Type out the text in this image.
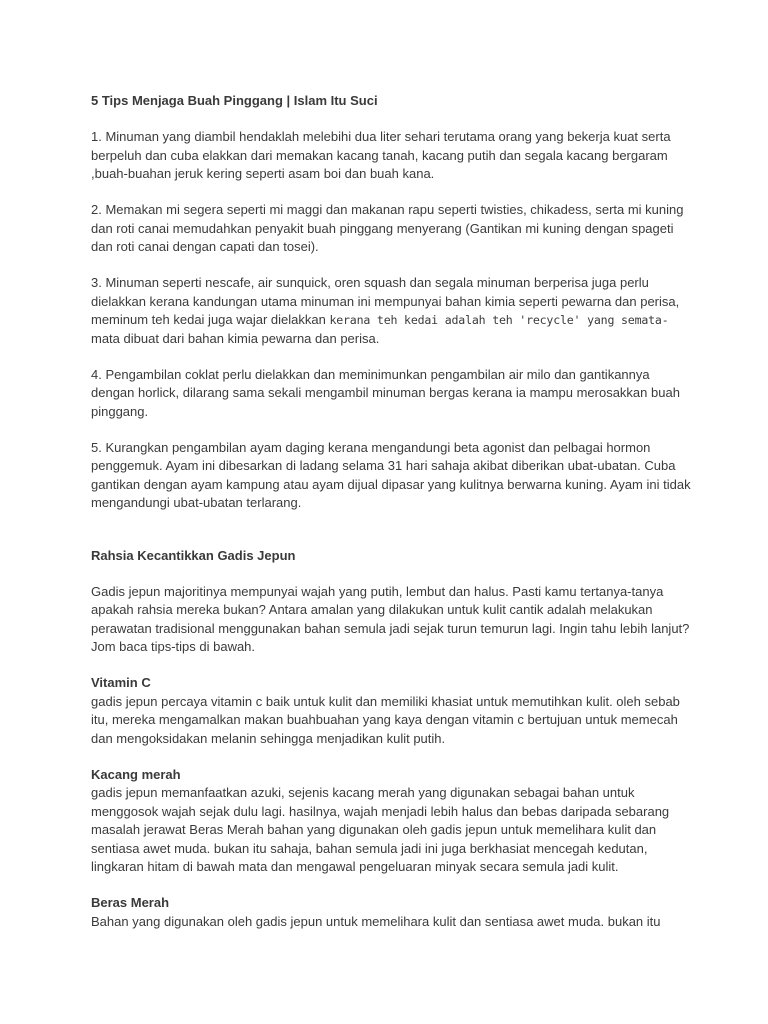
5 Tips Menjaga Buah Pinggang | Islam Itu Suci

1. Minuman yang diambil hendaklah melebihi dua liter sehari terutama orang yang bekerja kuat serta berpeluh dan cuba elakkan dari memakan kacang tanah, kacang putih dan segala kacang bergaram ,buah-buahan jeruk kering seperti asam boi dan buah kana.

2. Memakan mi segera seperti mi maggi dan makanan rapu seperti twisties, chikadess, serta mi kuning dan roti canai memudahkan penyakit buah pinggang menyerang (Gantikan mi kuning dengan spageti dan roti canai dengan capati dan tosei).

3. Minuman seperti nescafe, air sunquick, oren squash dan segala minuman berperisa juga perlu dielakkan kerana kandungan utama minuman ini mempunyai bahan kimia seperti pewarna dan perisa, meminum teh kedai juga wajar dielakkan kerana teh kedai adalah teh 'recycle' yang semata-
mata dibuat dari bahan kimia pewarna dan perisa.

4. Pengambilan coklat perlu dielakkan dan meminimunkan pengambilan air milo dan gantikannya dengan horlick, dilarang sama sekali mengambil minuman bergas kerana ia mampu merosakkan buah pinggang.

5. Kurangkan pengambilan ayam daging kerana mengandungi beta agonist dan pelbagai hormon penggemuk. Ayam ini dibesarkan di ladang selama 31 hari sahaja akibat diberikan ubat-ubatan. Cuba gantikan dengan ayam kampung atau ayam dijual dipasar yang kulitnya berwarna kuning. Ayam ini tidak mengandungi ubat-ubatan terlarang.

Rahsia Kecantikkan Gadis Jepun

Gadis jepun majoritinya mempunyai wajah yang putih, lembut dan halus. Pasti kamu tertanya-tanya apakah rahsia mereka bukan? Antara amalan yang dilakukan untuk kulit cantik adalah melakukan perawatan tradisional menggunakan bahan semula jadi sejak turun temurun lagi. Ingin tahu lebih lanjut? Jom baca tips-tips di bawah.

Vitamin C

gadis jepun percaya vitamin c baik untuk kulit dan memiliki khasiat untuk memutihkan kulit. oleh sebab itu, mereka mengamalkan makan buahbuahan yang kaya dengan vitamin c bertujuan untuk memecah dan mengoksidakan melanin sehingga menjadikan kulit putih.

Kacang merah

gadis jepun memanfaatkan azuki, sejenis kacang merah yang digunakan sebagai bahan untuk menggosok wajah sejak dulu lagi. hasilnya, wajah menjadi lebih halus dan bebas daripada sebarang masalah jerawat Beras Merah bahan yang digunakan oleh gadis jepun untuk memelihara kulit dan sentiasa awet muda. bukan itu sahaja, bahan semula jadi ini juga berkhasiat mencegah kedutan, lingkaran hitam di bawah mata dan mengawal pengeluaran minyak secara semula jadi kulit.

Beras Merah

Bahan yang digunakan oleh gadis jepun untuk memelihara kulit dan sentiasa awet muda. bukan itu
